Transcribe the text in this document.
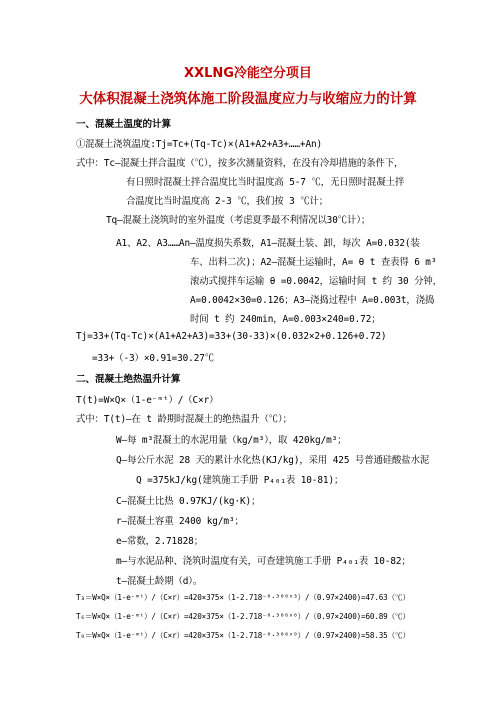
XXLNG冷能空分项目
大体积混凝土浇筑体施工阶段温度应力与收缩应力的计算
一、混凝土温度的计算
①混凝土浇筑温度:Tj=Tc+(Tq-Tc)×(A1+A2+A3+……+An)
式中：Tc—混凝土拌合温度（℃），按多次测量资料，在没有冷却措施的条件下，
有日照时混凝土拌合温度比当时温度高 5-7 ℃，无日照时混凝土拌
合温度比当时温度高 2-3 ℃，我们按 3 ℃计；
Tq—混凝土浇筑时的室外温度（考虑夏季最不利情况以30℃计）；
A1、A2、A3……An—温度损失系数，A1—混凝土装、卸，每次 A=0.032(装
车、出料二次)；A2—混凝土运输时，A= θ t 查表得 6 m³
滚动式搅拌车运输 θ =0.0042，运输时间 t 约 30 分钟，
A=0.0042×30=0.126；A3—浇捣过程中 A=0.003t，浇捣
时间 t 约 240min，A=0.003×240=0.72；
Tj=33+(Tq-Tc)×(A1+A2+A3)=33+(30-33)×(0.032×2+0.126+0.72)
=33+（-3）×0.91=30.27℃
二、混凝土绝热温升计算
T(t)=W×Q×（1-e⁻ᵐᵗ）/（C×r）
式中：T(t)—在 t 龄期时混凝土的绝热温升（℃）；
W—每 m³混凝土的水泥用量（kg/m³），取 420kg/m³；
Q—每公斤水泥 28 天的累计水化热(KJ/kg)，采用 425 号普通硅酸盐水泥
Q =375kJ/kg(建筑施工手册 P₄₀₁表 10-81)；
C—混凝土比热 0.97KJ/(kg·K)；
r—混凝土容重 2400 kg/m³；
e—常数，2.71828；
m—与水泥品种、浇筑时温度有关，可查建筑施工手册 P₄₀₁表 10-82；
t—混凝土龄期（d）。
T₃＝W×Q×（1-e⁻ᵐᵗ）/（C×r）=420×375×（1-2.718⁻⁰·³⁰⁶ˣ³）/（0.97×2400)=47.63（℃）
T₆＝W×Q×（1-e⁻ᵐᵗ）/（C×r）=420×375×（1-2.718⁻⁰·³⁰⁶ˣ⁶）/（0.97×2400)=60.89（℃）
T₉＝W×Q×（1-e⁻ᵐᵗ）/（C×r）=420×375×（1-2.718⁻⁰·³⁰⁶ˣ⁹）/（0.97×2400)=58.35（℃）
